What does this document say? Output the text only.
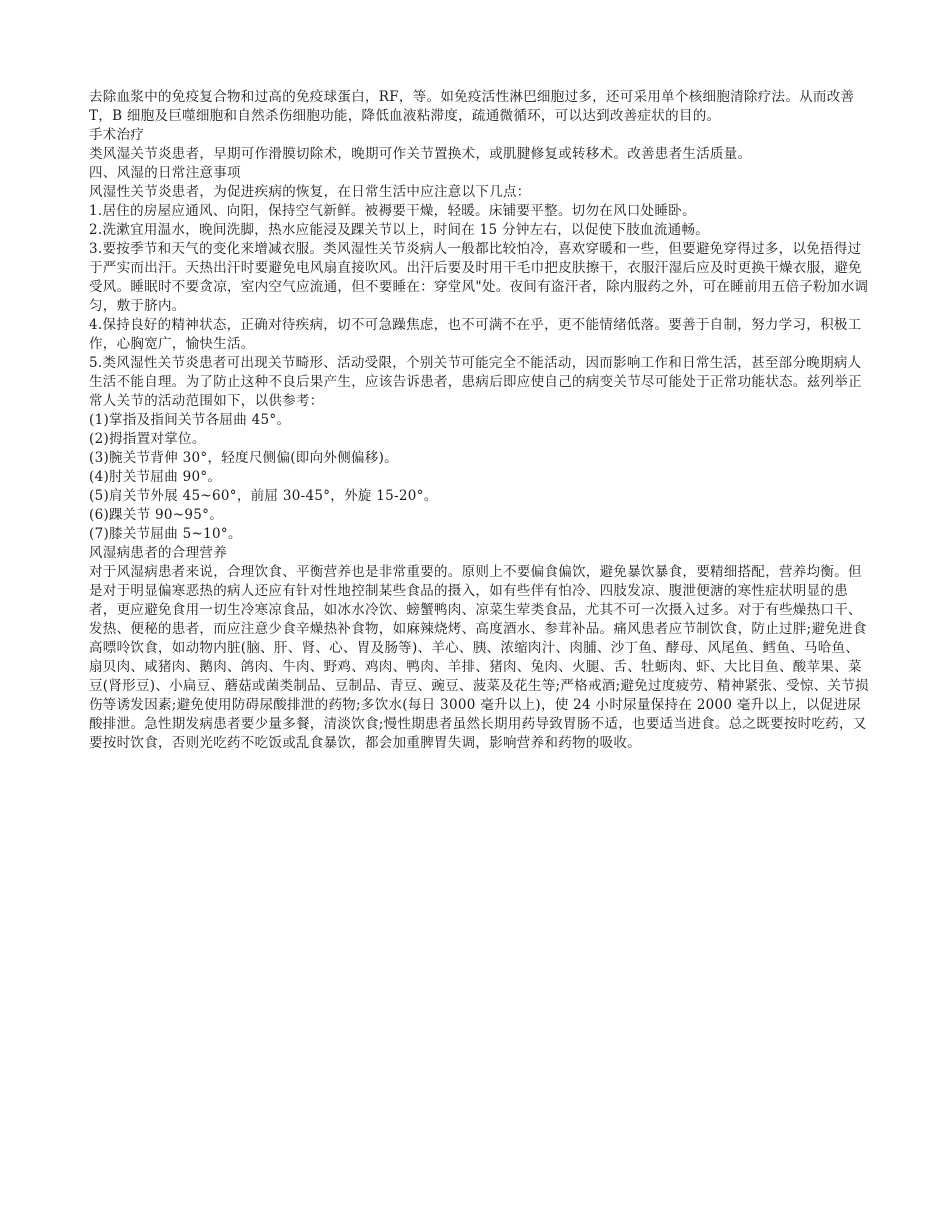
去除血浆中的免疫复合物和过高的免疫球蛋白，RF，等。如免疫活性淋巴细胞过多，还可采用单个核细胞清除疗法。从而改善 T，B 细胞及巨噬细胞和自然杀伤细胞功能，降低血液粘滞度，疏通微循环，可以达到改善症状的目的。

手术治疗

类风湿关节炎患者，早期可作滑膜切除术，晚期可作关节置换术，或肌腱修复或转移术。改善患者生活质量。

四、风湿的日常注意事项

风湿性关节炎患者，为促进疾病的恢复，在日常生活中应注意以下几点：

1.居住的房屋应通风、向阳，保持空气新鲜。被褥要干燥，轻暖。床铺要平整。切勿在风口处睡卧。

2.洗漱宜用温水，晚间洗脚，热水应能浸及踝关节以上，时间在 15 分钟左右，以促使下肢血流通畅。

3.要按季节和天气的变化来增减衣服。类风湿性关节炎病人一般都比较怕冷，喜欢穿暖和一些，但要避免穿得过多，以免捂得过于严实而出汗。天热出汗时要避免电风扇直接吹风。出汗后要及时用干毛巾把皮肤擦干，衣服汗湿后应及时更换干燥衣服，避免受风。睡眠时不要贪凉，室内空气应流通，但不要睡在：穿堂风"处。夜间有盗汗者，除内服药之外，可在睡前用五倍子粉加水调匀，敷于脐内。

4.保持良好的精神状态，正确对待疾病，切不可急躁焦虑，也不可满不在乎，更不能情绪低落。要善于自制，努力学习，积极工作，心胸宽广，愉快生活。

5.类风湿性关节炎患者可出现关节畸形、活动受限，个别关节可能完全不能活动，因而影响工作和日常生活，甚至部分晚期病人生活不能自理。为了防止这种不良后果产生，应该告诉患者，患病后即应使自己的病变关节尽可能处于正常功能状态。兹列举正常人关节的活动范围如下，以供参考：

(1)掌指及指间关节各屈曲 45°。

(2)拇指置对掌位。

(3)腕关节背伸 30°，轻度尺侧偏(即向外侧偏移)。

(4)肘关节屈曲 90°。

(5)肩关节外展 45~60°，前屈 30-45°，外旋 15-20°。

(6)踝关节 90~95°。

(7)膝关节屈曲 5~10°。

风湿病患者的合理营养

对于风湿病患者来说，合理饮食、平衡营养也是非常重要的。原则上不要偏食偏饮，避免暴饮暴食，要精细搭配，营养均衡。但是对于明显偏寒恶热的病人还应有针对性地控制某些食品的摄入，如有些伴有怕冷、四肢发凉、腹泄便溏的寒性症状明显的患者，更应避免食用一切生冷寒凉食品，如冰水冷饮、螃蟹鸭肉、凉菜生荤类食品，尤其不可一次摄入过多。对于有些燥热口干、发热、便秘的患者，而应注意少食辛燥热补食物，如麻辣烧烤、高度酒水、参茸补品。痛风患者应节制饮食，防止过胖;避免进食高嘌呤饮食，如动物内脏(脑、肝、肾、心、胃及肠等)、羊心、胰、浓缩肉汁、肉脯、沙丁鱼、酵母、风尾鱼、鳕鱼、马哈鱼、扇贝肉、咸猪肉、鹅肉、鸽肉、牛肉、野鸡、鸡肉、鸭肉、羊排、猪肉、兔肉、火腿、舌、牡蛎肉、虾、大比目鱼、酸苹果、菜豆(肾形豆)、小扁豆、蘑菇或菌类制品、豆制品、青豆、豌豆、菠菜及花生等;严格戒酒;避免过度疲劳、精神紧张、受惊、关节损伤等诱发因素;避免使用防碍尿酸排泄的药物;多饮水(每日 3000 毫升以上)，使 24 小时尿量保持在 2000 毫升以上，以促进尿酸排泄。急性期发病患者要少量多餐，清淡饮食;慢性期患者虽然长期用药导致胃肠不适，也要适当进食。总之既要按时吃药，又要按时饮食，否则光吃药不吃饭或乱食暴饮，都会加重脾胃失调，影响营养和药物的吸收。
